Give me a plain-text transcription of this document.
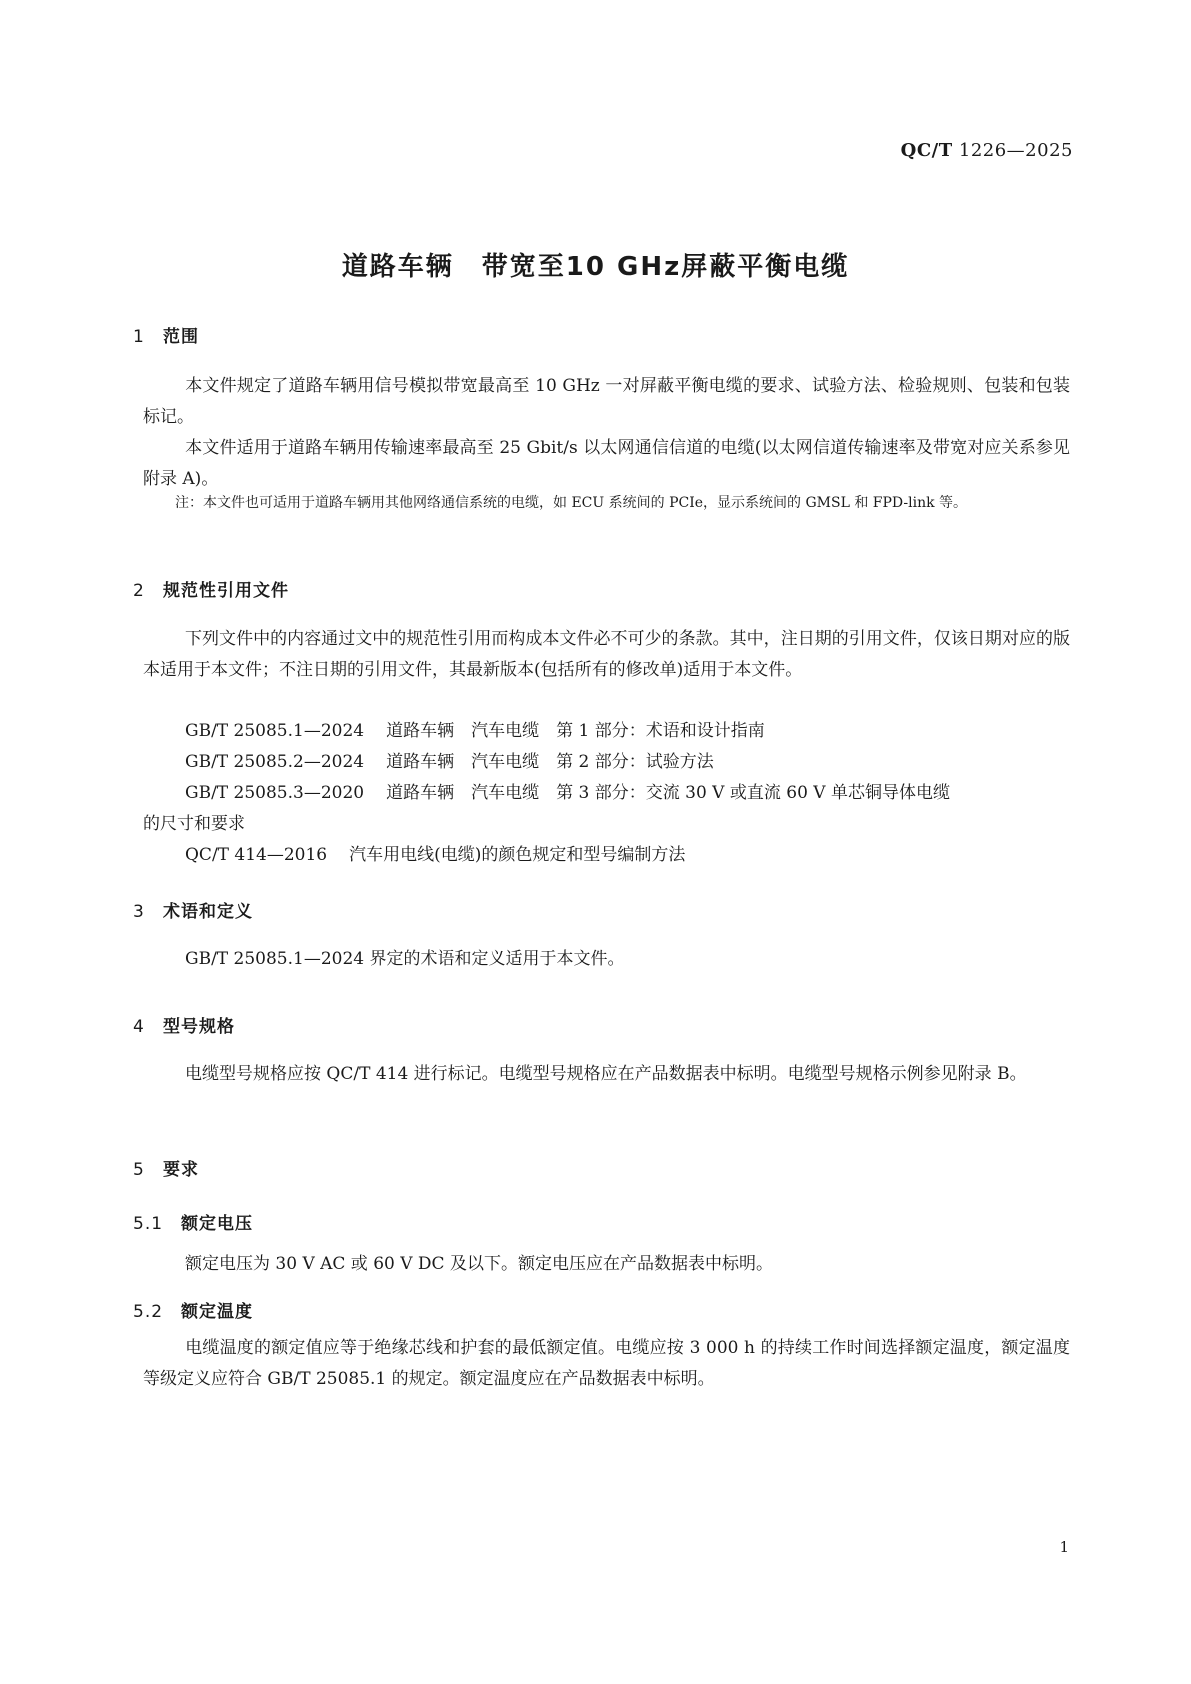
QC/T 1226—2025
道路车辆　带宽至10 GHz屏蔽平衡电缆
1 范围
本文件规定了道路车辆用信号模拟带宽最高至 10 GHz 一对屏蔽平衡电缆的要求、试验方法、检验规则、包装和包装标记。
本文件适用于道路车辆用传输速率最高至 25 Gbit/s 以太网通信信道的电缆(以太网信道传输速率及带宽对应关系参见附录 A)。
注：本文件也可适用于道路车辆用其他网络通信系统的电缆，如 ECU 系统间的 PCIe，显示系统间的 GMSL 和 FPD-link 等。
2 规范性引用文件
下列文件中的内容通过文中的规范性引用而构成本文件必不可少的条款。其中，注日期的引用文件，仅该日期对应的版本适用于本文件；不注日期的引用文件，其最新版本(包括所有的修改单)适用于本文件。
GB/T 25085.1—2024 道路车辆　汽车电缆　第 1 部分：术语和设计指南
GB/T 25085.2—2024 道路车辆　汽车电缆　第 2 部分：试验方法
GB/T 25085.3—2020 道路车辆　汽车电缆　第 3 部分：交流 30 V 或直流 60 V 单芯铜导体电缆
的尺寸和要求
QC/T 414—2016 汽车用电线(电缆)的颜色规定和型号编制方法
3 术语和定义
GB/T 25085.1—2024 界定的术语和定义适用于本文件。
4 型号规格
电缆型号规格应按 QC/T 414 进行标记。电缆型号规格应在产品数据表中标明。电缆型号规格示例参见附录 B。
5 要求
5.1 额定电压
额定电压为 30 V AC 或 60 V DC 及以下。额定电压应在产品数据表中标明。
5.2 额定温度
电缆温度的额定值应等于绝缘芯线和护套的最低额定值。电缆应按 3 000 h 的持续工作时间选择额定温度，额定温度等级定义应符合 GB/T 25085.1 的规定。额定温度应在产品数据表中标明。
1
